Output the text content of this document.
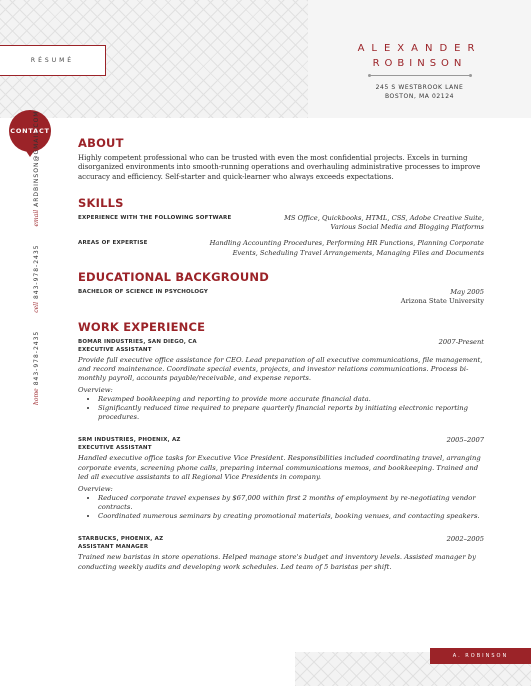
RÉSUMÉ
ALEXANDER
ROBINSON
245 S WESTBROOK LANE
BOSTON, MA 02124
CONTACT
home843-978-2435cell843-978-2435emailARDBINSON@GMAIL.COM	ABOUT

Highly competent professional who can be trusted with even the most confidential projects. Excels in turning disorganized environments into smooth-running operations and overhauling administrative processes to improve accuracy and efficiency. Self-starter and quick-learner who always exceeds expectations.

SKILLS
EXPERIENCE WITH THE FOLLOWING SOFTWARE	MS Office, Quickbooks, HTML, CSS, Adobe Creative Suite,
Various Social Media and Blogging Platforms
AREAS OF EXPERTISE	Handling Accounting Procedures, Performing HR Functions, Planning Corporate
Events, Scheduling Travel Arrangements, Managing Files and Documents
EDUCATIONAL BACKGROUND
BACHELOR OF SCIENCE IN PSYCHOLOGY	May 2005
Arizona State University
WORK EXPERIENCE
BOMAR INDUSTRIES, SAN DIEGO, CA
EXECUTIVE ASSISTANT
2007-Present

Provide full executive office assistance for CEO. Lead preparation of all executive communications, file management, and record maintenance. Coordinate special events, projects, and investor relations communications. Process bi-monthly payroll, accounts payable/receivable, and expense reports.

Overview:

• Revamped bookkeeping and reporting to provide more accurate financial data.
• Significantly reduced time required to prepare quarterly financial reports by initiating electronic reporting procedures.
SRM INDUSTRIES, PHOENIX, AZ
EXECUTIVE ASSISTANT
2005–2007

Handled executive office tasks for Executive Vice President. Responsibilities included coordinating travel, arranging corporate events, screening phone calls, preparing internal communications memos, and bookkeeping. Trained and led all executive assistants to all Regional Vice Presidents in company.

Overview:

• Reduced corporate travel expenses by $67,000 within first 2 months of employment by re-negotiating vendor contracts.
• Coordinated numerous seminars by creating promotional materials, booking venues, and contacting speakers.
STARBUCKS, PHOENIX, AZ
ASSISTANT MANAGER
2002–2005

Trained new baristas in store operations. Helped manage store's budget and inventory levels. Assisted manager by conducting weekly audits and developing work schedules. Led team of 5 baristas per shift.

A. ROBINSON
